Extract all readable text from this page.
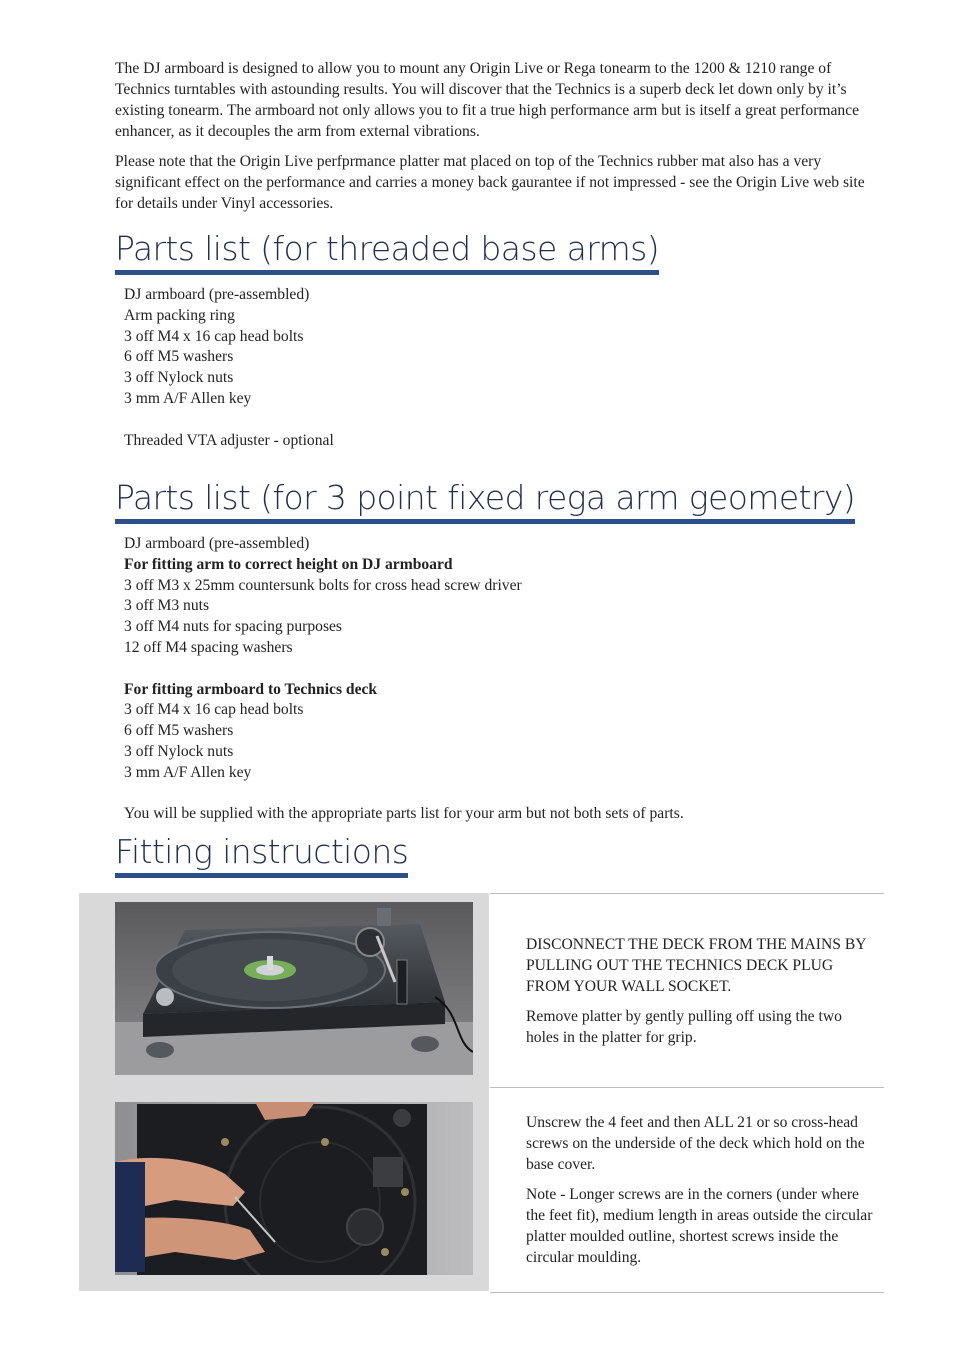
The DJ armboard is designed to allow you to mount any Origin Live or Rega tonearm to the 1200 & 1210 range of Technics turntables with astounding results. You will discover that the Technics is a superb deck let down only by it’s existing tonearm. The armboard not only allows you to fit a true high performance arm but is itself a great performance enhancer, as it decouples the arm from external vibrations.

Please note that the Origin Live perfprmance platter mat placed on top of the Technics rubber mat also has a very significant effect on the performance and carries a money back gaurantee if not impressed - see the Origin Live web site for details under Vinyl accessories.

Parts list (for threaded base arms)
DJ armboard (pre-assembled)
Arm packing ring
3 off M4 x 16 cap head bolts
6 off M5 washers
3 off Nylock nuts
3 mm A/F Allen key
Threaded VTA adjuster - optional
Parts list (for 3 point fixed rega arm geometry)
DJ armboard (pre-assembled)
For fitting arm to correct height on DJ armboard
3 off M3 x 25mm countersunk bolts for cross head screw driver
3 off M3 nuts
3 off M4 nuts for spacing purposes
12 off M4 spacing washers
For fitting armboard to Technics deck
3 off M4 x 16 cap head bolts
6 off M5 washers
3 off Nylock nuts
3 mm A/F Allen key
You will be supplied with the appropriate parts list for your arm but not both sets of parts.
Fitting instructions

DISCONNECT THE DECK FROM THE MAINS BY PULLING OUT THE TECHNICS DECK PLUG FROM YOUR WALL SOCKET.

Remove platter by gently pulling off using the two holes in the platter for grip.

Unscrew the 4 feet and then ALL 21 or so cross-head screws on the underside of the deck which hold on the base cover.

Note - Longer screws are in the corners (under where the feet fit), medium length in areas outside the circular platter moulded outline, shortest screws inside the circular moulding.
